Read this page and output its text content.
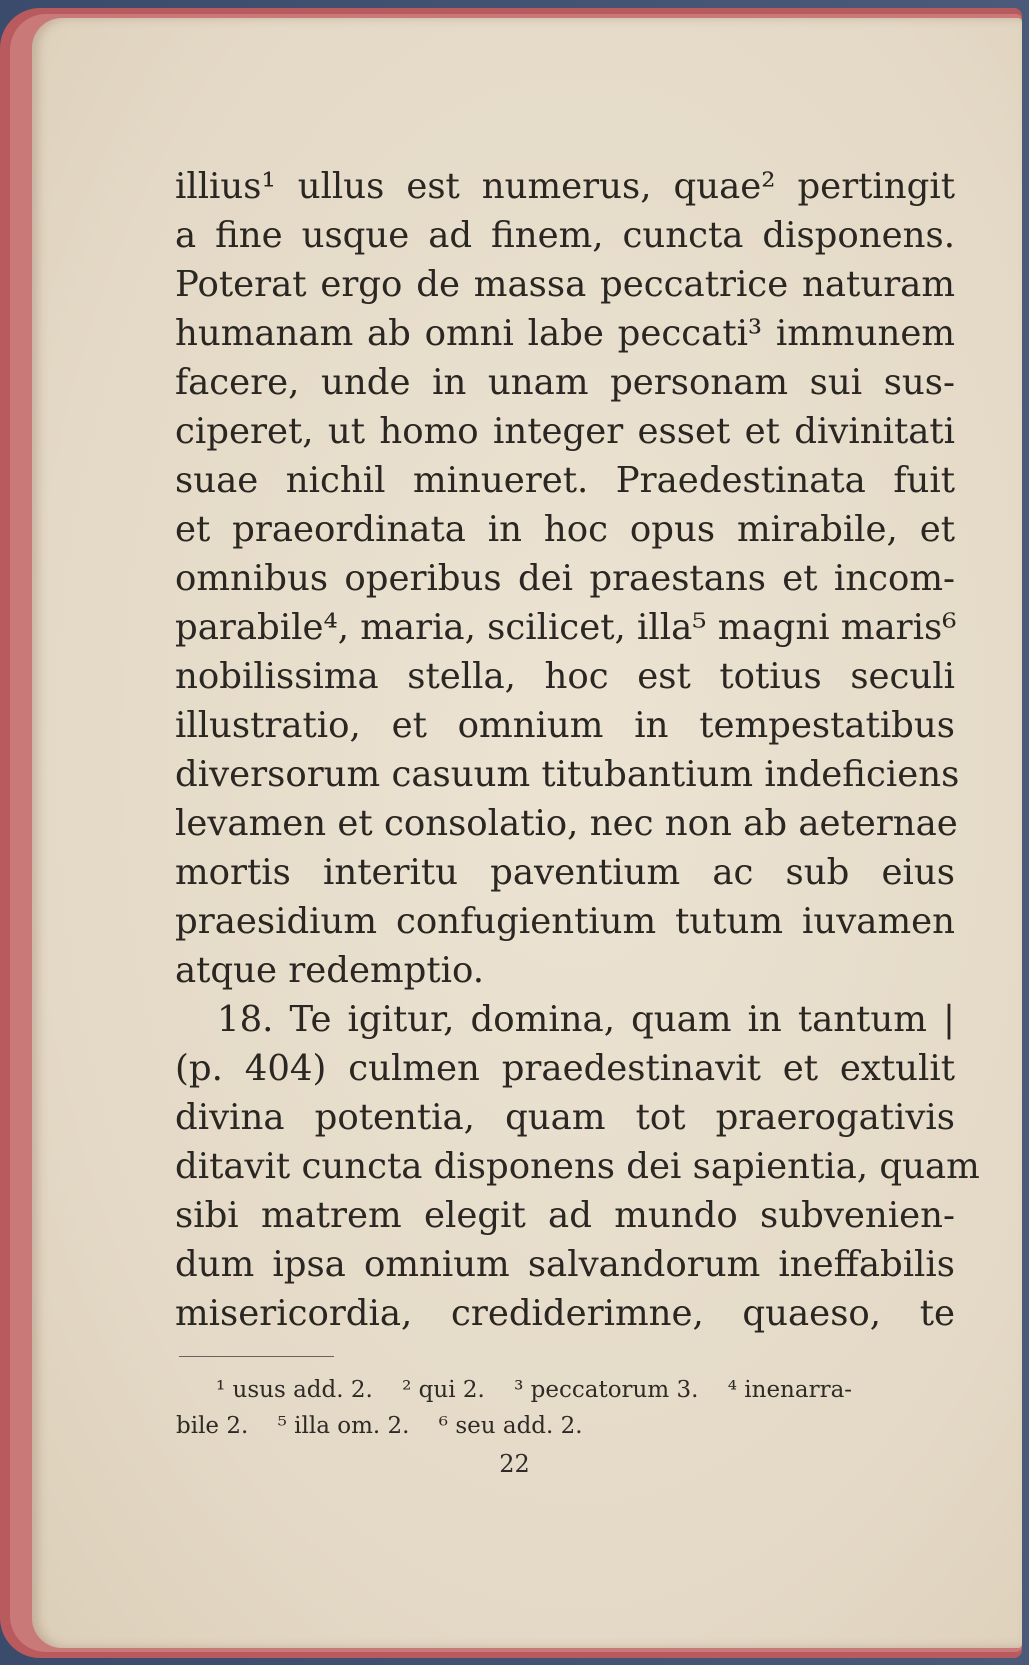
illius¹ ullus est numerus, quae² pertingit
a fine usque ad finem, cuncta disponens.
Poterat ergo de massa peccatrice naturam
humanam ab omni labe peccati³ immunem
facere, unde in unam personam sui sus-
ciperet, ut homo integer esset et divinitati
suae nichil minueret. Praedestinata fuit
et praeordinata in hoc opus mirabile, et
omnibus operibus dei praestans et incom-
parabile⁴, maria, scilicet, illa⁵ magni maris⁶
nobilissima stella, hoc est totius seculi
illustratio, et omnium in tempestatibus
diversorum casuum titubantium indeficiens
levamen et consolatio, nec non ab aeternae
mortis interitu paventium ac sub eius
praesidium confugientium tutum iuvamen
atque redemptio.
18. Te igitur, domina, quam in tantum |
(p. 404) culmen praedestinavit et extulit
divina potentia, quam tot praerogativis
ditavit cuncta disponens dei sapientia, quam
sibi matrem elegit ad mundo subvenien-
dum ipsa omnium salvandorum ineffabilis
misericordia, crediderimne, quaeso, te
¹ usus add. 2. ² qui 2. ³ peccatorum 3. ⁴ inenarra-
bile 2. ⁵ illa om. 2. ⁶ seu add. 2.
22
